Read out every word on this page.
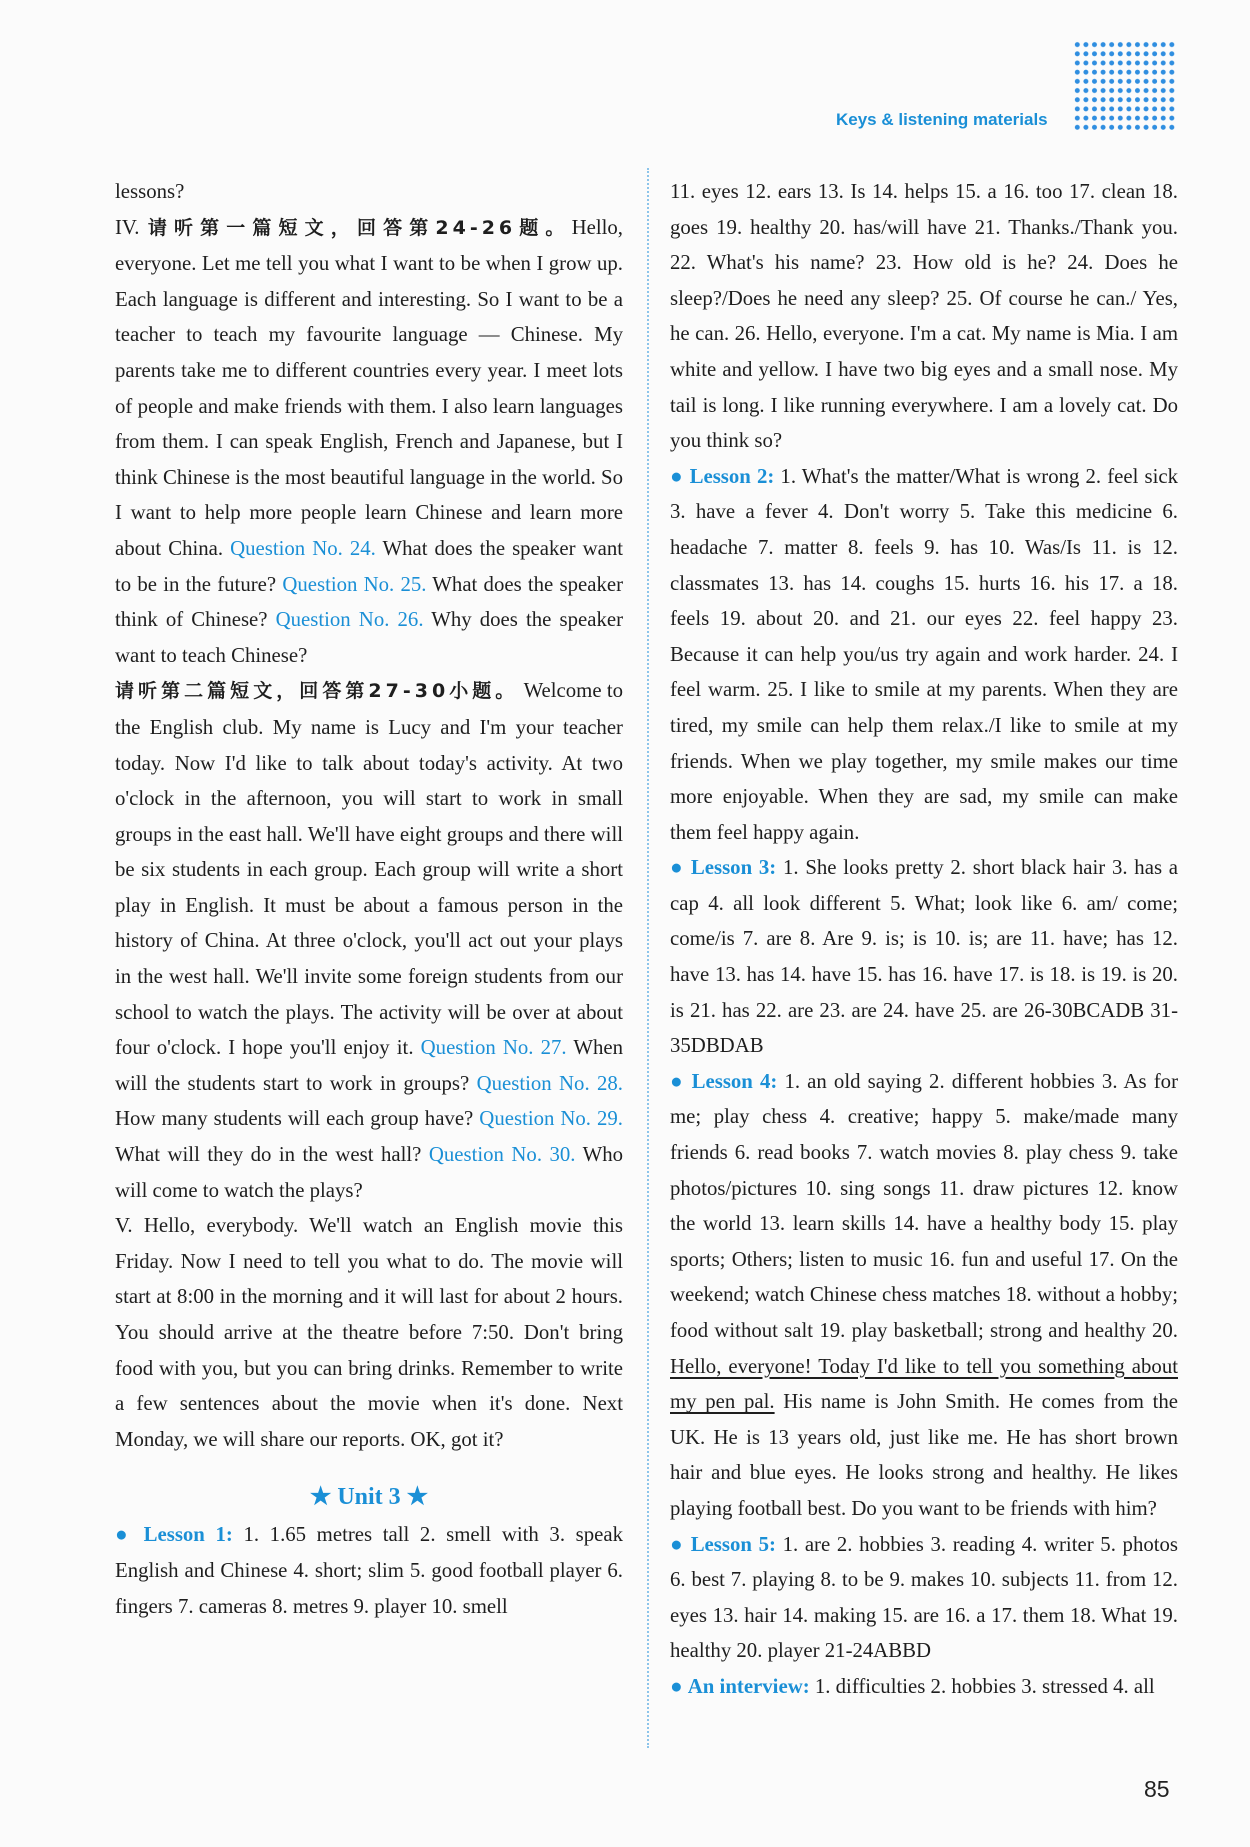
Keys & listening materials

lessons?

IV. 请听第一篇短文，回答第24-26题。Hello, everyone. Let me tell you what I want to be when I grow up. Each language is different and interesting. So I want to be a teacher to teach my favourite language — Chinese. My parents take me to different countries every year. I meet lots of people and make friends with them. I also learn languages from them. I can speak English, French and Japanese, but I think Chinese is the most beautiful language in the world. So I want to help more people learn Chinese and learn more about China. Question No. 24. What does the speaker want to be in the future? Question No. 25. What does the speaker think of Chinese? Question No. 26. Why does the speaker want to teach Chinese?

请听第二篇短文，回答第27-30小题。 Welcome to the English club. My name is Lucy and I'm your teacher today. Now I'd like to talk about today's activity. At two o'clock in the afternoon, you will start to work in small groups in the east hall. We'll have eight groups and there will be six students in each group. Each group will write a short play in English. It must be about a famous person in the history of China. At three o'clock, you'll act out your plays in the west hall. We'll invite some foreign students from our school to watch the plays. The activity will be over at about four o'clock. I hope you'll enjoy it. Question No. 27. When will the students start to work in groups? Question No. 28. How many students will each group have? Question No. 29. What will they do in the west hall? Question No. 30. Who will come to watch the plays?

V. Hello, everybody. We'll watch an English movie this Friday. Now I need to tell you what to do. The movie will start at 8:00 in the morning and it will last for about 2 hours. You should arrive at the theatre before 7:50. Don't bring food with you, but you can bring drinks. Remember to write a few sentences about the movie when it's done. Next Monday, we will share our reports. OK, got it?

★ Unit 3 ★

● Lesson 1: 1. 1.65 metres tall 2. smell with 3. speak English and Chinese 4. short; slim 5. good football player 6. fingers 7. cameras 8. metres 9. player 10. smell

11. eyes 12. ears 13. Is 14. helps 15. a 16. too 17. clean 18. goes 19. healthy 20. has/will have 21. Thanks./Thank you. 22. What's his name? 23. How old is he? 24. Does he sleep?/Does he need any sleep? 25. Of course he can./ Yes, he can. 26. Hello, everyone. I'm a cat. My name is Mia. I am white and yellow. I have two big eyes and a small nose. My tail is long. I like running everywhere. I am a lovely cat. Do you think so?

● Lesson 2: 1. What's the matter/What is wrong 2. feel sick 3. have a fever 4. Don't worry 5. Take this medicine 6. headache 7. matter 8. feels 9. has 10. Was/Is 11. is 12. classmates 13. has 14. coughs 15. hurts 16. his 17. a 18. feels 19. about 20. and 21. our eyes 22. feel happy 23. Because it can help you/us try again and work harder. 24. I feel warm. 25. I like to smile at my parents. When they are tired, my smile can help them relax./I like to smile at my friends. When we play together, my smile makes our time more enjoyable. When they are sad, my smile can make them feel happy again.

● Lesson 3: 1. She looks pretty 2. short black hair 3. has a cap 4. all look different 5. What; look like 6. am/ come; come/is 7. are 8. Are 9. is; is 10. is; are 11. have; has 12. have 13. has 14. have 15. has 16. have 17. is 18. is 19. is 20. is 21. has 22. are 23. are 24. have 25. are 26-30BCADB 31-35DBDAB

● Lesson 4: 1. an old saying 2. different hobbies 3. As for me; play chess 4. creative; happy 5. make/made many friends 6. read books 7. watch movies 8. play chess 9. take photos/pictures 10. sing songs 11. draw pictures 12. know the world 13. learn skills 14. have a healthy body 15. play sports; Others; listen to music 16. fun and useful 17. On the weekend; watch Chinese chess matches 18. without a hobby; food without salt 19. play basketball; strong and healthy 20. Hello, everyone! Today I'd like to tell you something about my pen pal. His name is John Smith. He comes from the UK. He is 13 years old, just like me. He has short brown hair and blue eyes. He looks strong and healthy. He likes playing football best. Do you want to be friends with him?

● Lesson 5: 1. are 2. hobbies 3. reading 4. writer 5. photos 6. best 7. playing 8. to be 9. makes 10. subjects 11. from 12. eyes 13. hair 14. making 15. are 16. a 17. them 18. What 19. healthy 20. player 21-24ABBD

● An interview: 1. difficulties 2. hobbies 3. stressed 4. all

85
